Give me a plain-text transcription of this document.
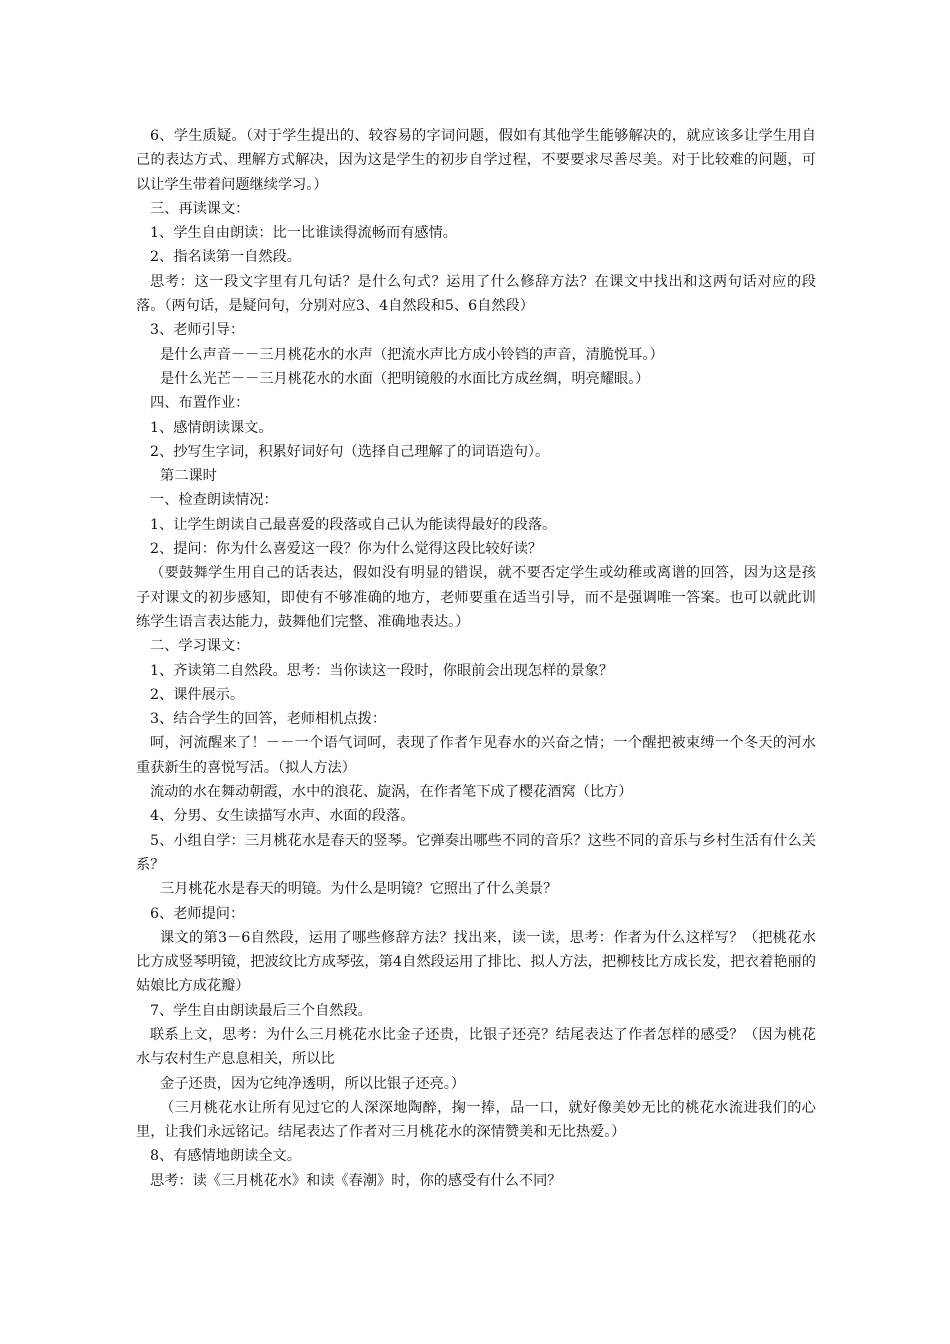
6、学生质疑。（对于学生提出的、较容易的字词问题，假如有其他学生能够解决的，就应该多让学生用自己的表达方式、理解方式解决，因为这是学生的初步自学过程，不要要求尽善尽美。对于比较难的问题，可以让学生带着问题继续学习。）

三、再读课文：

1、学生自由朗读：比一比谁读得流畅而有感情。

2、指名读第一自然段。

思考：这一段文字里有几句话？是什么句式？运用了什么修辞方法？在课文中找出和这两句话对应的段落。（两句话，是疑问句，分别对应3、4自然段和5、6自然段）

3、老师引导：

是什么声音－－三月桃花水的水声（把流水声比方成小铃铛的声音，清脆悦耳。）

是什么光芒－－三月桃花水的水面（把明镜般的水面比方成丝绸，明亮耀眼。）

四、布置作业：

1、感情朗读课文。

2、抄写生字词，积累好词好句（选择自己理解了的词语造句）。

第二课时

一、检查朗读情况：

1、让学生朗读自己最喜爱的段落或自己认为能读得最好的段落。

2、提问：你为什么喜爱这一段？你为什么觉得这段比较好读？

（要鼓舞学生用自己的话表达，假如没有明显的错误，就不要否定学生或幼稚或离谱的回答，因为这是孩子对课文的初步感知，即使有不够准确的地方，老师要重在适当引导，而不是强调唯一答案。也可以就此训练学生语言表达能力，鼓舞他们完整、准确地表达。）

二、学习课文：

1、齐读第二自然段。思考：当你读这一段时，你眼前会出现怎样的景象？

2、课件展示。

3、结合学生的回答，老师相机点拨：

呵，河流醒来了！－－一个语气词呵，表现了作者乍见春水的兴奋之情；一个醒把被束缚一个冬天的河水重获新生的喜悦写活。（拟人方法）

流动的水在舞动朝霞，水中的浪花、旋涡，在作者笔下成了樱花酒窝（比方）

4、分男、女生读描写水声、水面的段落。

5、小组自学：三月桃花水是春天的竖琴。它弹奏出哪些不同的音乐？这些不同的音乐与乡村生活有什么关系？

三月桃花水是春天的明镜。为什么是明镜？它照出了什么美景？

6、老师提问：

课文的第3－6自然段，运用了哪些修辞方法？找出来，读一读，思考：作者为什么这样写？（把桃花水比方成竖琴明镜，把波纹比方成琴弦，第4自然段运用了排比、拟人方法，把柳枝比方成长发，把衣着艳丽的姑娘比方成花瓣）

7、学生自由朗读最后三个自然段。

联系上文，思考：为什么三月桃花水比金子还贵，比银子还亮？结尾表达了作者怎样的感受？（因为桃花水与农村生产息息相关，所以比

金子还贵，因为它纯净透明，所以比银子还亮。）

（三月桃花水让所有见过它的人深深地陶醉，掬一捧，品一口，就好像美妙无比的桃花水流进我们的心里，让我们永远铭记。结尾表达了作者对三月桃花水的深情赞美和无比热爱。）

8、有感情地朗读全文。

思考：读《三月桃花水》和读《春潮》时，你的感受有什么不同？
